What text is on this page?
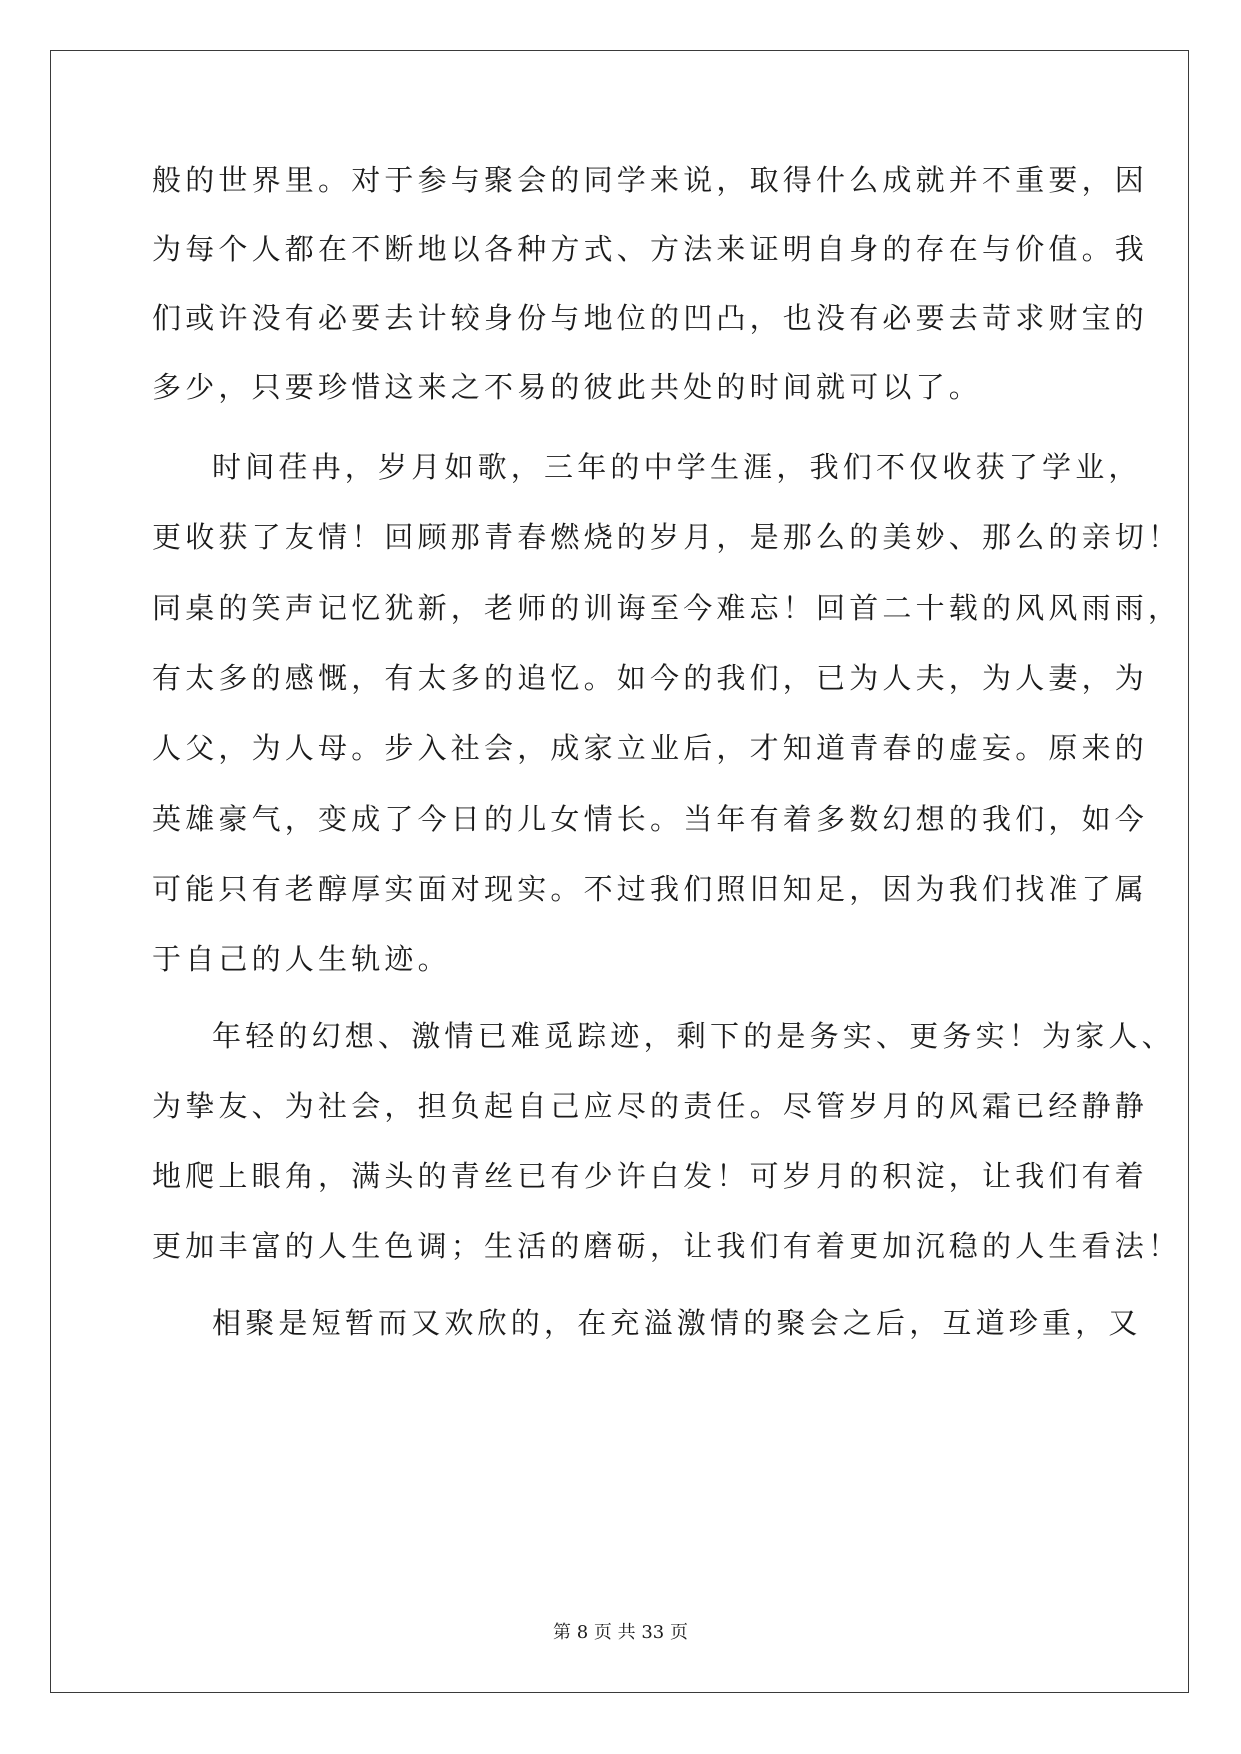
般的世界里。对于参与聚会的同学来说，取得什么成就并不重要，因
为每个人都在不断地以各种方式、方法来证明自身的存在与价值。我
们或许没有必要去计较身份与地位的凹凸，也没有必要去苛求财宝的
多少，只要珍惜这来之不易的彼此共处的时间就可以了。
时间荏冉，岁月如歌，三年的中学生涯，我们不仅收获了学业，
更收获了友情！回顾那青春燃烧的岁月，是那么的美妙、那么的亲切！
同桌的笑声记忆犹新，老师的训诲至今难忘！回首二十载的风风雨雨，
有太多的感慨，有太多的追忆。如今的我们，已为人夫，为人妻，为
人父，为人母。步入社会，成家立业后，才知道青春的虚妄。原来的
英雄豪气，变成了今日的儿女情长。当年有着多数幻想的我们，如今
可能只有老醇厚实面对现实。不过我们照旧知足，因为我们找准了属
于自己的人生轨迹。
年轻的幻想、激情已难觅踪迹，剩下的是务实、更务实！为家人、
为挚友、为社会，担负起自己应尽的责任。尽管岁月的风霜已经静静
地爬上眼角，满头的青丝已有少许白发！可岁月的积淀，让我们有着
更加丰富的人生色调；生活的磨砺，让我们有着更加沉稳的人生看法！
相聚是短暂而又欢欣的，在充溢激情的聚会之后，互道珍重，又
第 8 页 共 33 页
